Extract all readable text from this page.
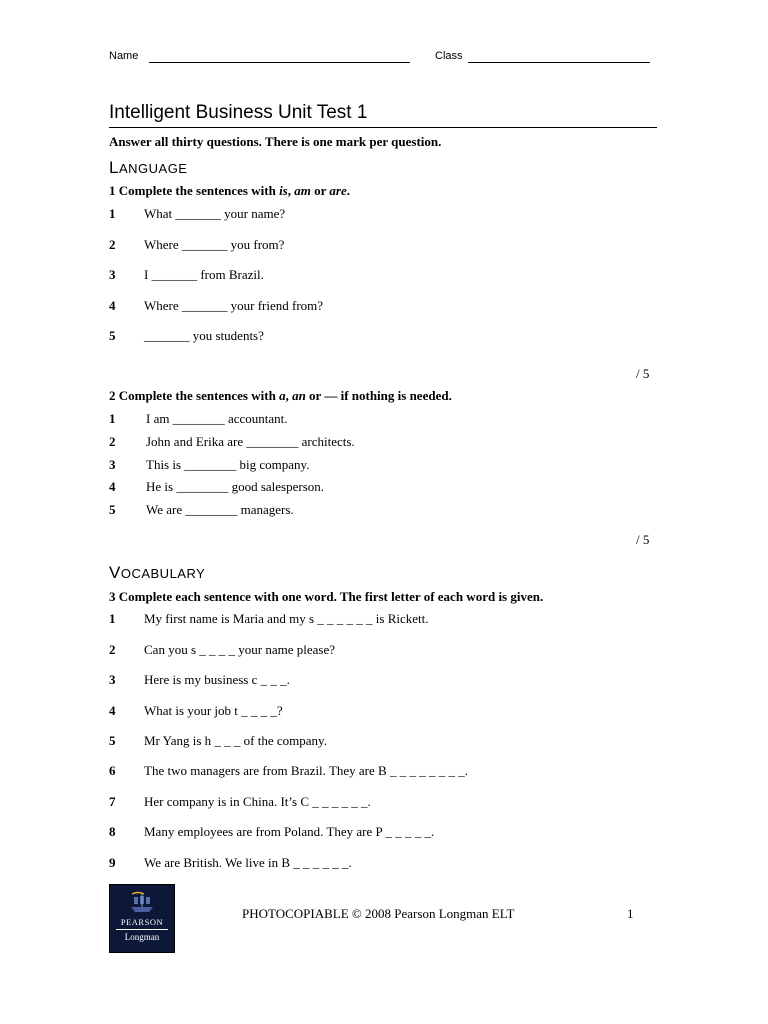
Name	Class
Intelligent Business Unit Test 1
Answer all thirty questions. There is one mark per question.
LANGUAGE
1 Complete the sentences with is, am or are.
1 What _______ your name?
2 Where _______ you from?
3 I _______ from Brazil.
4 Where _______ your friend from?
5 _______ you students?
/ 5
2 Complete the sentences with a, an or — if nothing is needed.
1 I am ________ accountant.
2 John and Erika are ________ architects.
3 This is ________ big company.
4 He is ________ good salesperson.
5 We are ________ managers.
/ 5
VOCABULARY
3 Complete each sentence with one word. The first letter of each word is given.
1 My first name is Maria and my s _ _ _ _ _ _ is Rickett.
2 Can you s _ _ _ _ your name please?
3 Here is my business c _ _ _.
4 What is your job t _ _ _ _?
5 Mr Yang is h _ _ _ of the company.
6 The two managers are from Brazil. They are B _ _ _ _ _ _ _ _.
7 Her company is in China. It’s C _ _ _ _ _ _.
8 Many employees are from Poland. They are P _ _ _ _ _.
9 We are British. We live in B _ _ _ _ _ _.
PEARSON
Longman
PHOTOCOPIABLE © 2008 Pearson Longman ELT	1
